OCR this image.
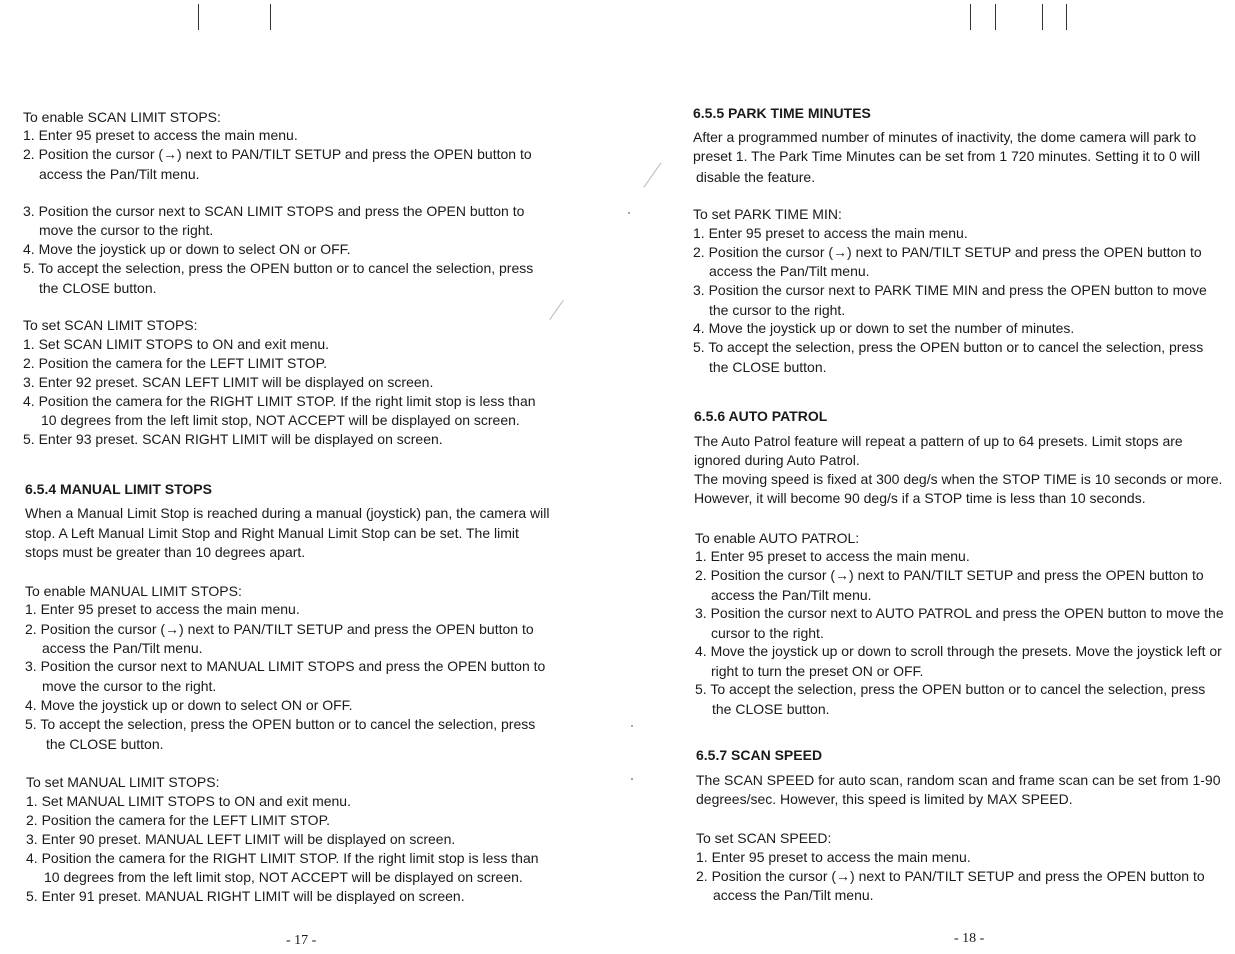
To enable SCAN LIMIT STOPS:
1. Enter 95 preset to access the main menu.
2. Position the cursor (→) next to PAN/TILT SETUP and press the OPEN button to
access the Pan/Tilt menu.
3. Position the cursor next to SCAN LIMIT STOPS and press the OPEN button to
move the cursor to the right.
4. Move the joystick up or down to select ON or OFF.
5. To accept the selection, press the OPEN button or to cancel the selection, press
the CLOSE button.
To set SCAN LIMIT STOPS:
1. Set SCAN LIMIT STOPS to ON and exit menu.
2. Position the camera for the LEFT LIMIT STOP.
3. Enter 92 preset. SCAN LEFT LIMIT will be displayed on screen.
4. Position the camera for the RIGHT LIMIT STOP. If the right limit stop is less than
10 degrees from the left limit stop, NOT ACCEPT will be displayed on screen.
5. Enter 93 preset. SCAN RIGHT LIMIT will be displayed on screen.
6.5.4 MANUAL LIMIT STOPS
When a Manual Limit Stop is reached during a manual (joystick) pan, the camera will
stop. A Left Manual Limit Stop and Right Manual Limit Stop can be set. The limit
stops must be greater than 10 degrees apart.
To enable MANUAL LIMIT STOPS:
1. Enter 95 preset to access the main menu.
2. Position the cursor (→) next to PAN/TILT SETUP and press the OPEN button to
access the Pan/Tilt menu.
3. Position the cursor next to MANUAL LIMIT STOPS and press the OPEN button to
move the cursor to the right.
4. Move the joystick up or down to select ON or OFF.
5. To accept the selection, press the OPEN button or to cancel the selection, press
the CLOSE button.
To set MANUAL LIMIT STOPS:
1. Set MANUAL LIMIT STOPS to ON and exit menu.
2. Position the camera for the LEFT LIMIT STOP.
3. Enter 90 preset. MANUAL LEFT LIMIT will be displayed on screen.
4. Position the camera for the RIGHT LIMIT STOP. If the right limit stop is less than
10 degrees from the left limit stop, NOT ACCEPT will be displayed on screen.
5. Enter 91 preset. MANUAL RIGHT LIMIT will be displayed on screen.
- 17 -
6.5.5 PARK TIME MINUTES
After a programmed number of minutes of inactivity, the dome camera will park to
preset 1. The Park Time Minutes can be set from 1 720 minutes. Setting it to 0 will
disable the feature.
To set PARK TIME MIN:
1. Enter 95 preset to access the main menu.
2. Position the cursor (→) next to PAN/TILT SETUP and press the OPEN button to
access the Pan/Tilt menu.
3. Position the cursor next to PARK TIME MIN and press the OPEN button to move
the cursor to the right.
4. Move the joystick up or down to set the number of minutes.
5. To accept the selection, press the OPEN button or to cancel the selection, press
the CLOSE button.
6.5.6 AUTO PATROL
The Auto Patrol feature will repeat a pattern of up to 64 presets. Limit stops are
ignored during Auto Patrol.
The moving speed is fixed at 300 deg/s when the STOP TIME is 10 seconds or more.
However, it will become 90 deg/s if a STOP time is less than 10 seconds.
To enable AUTO PATROL:
1. Enter 95 preset to access the main menu.
2. Position the cursor (→) next to PAN/TILT SETUP and press the OPEN button to
access the Pan/Tilt menu.
3. Position the cursor next to AUTO PATROL and press the OPEN button to move the
cursor to the right.
4. Move the joystick up or down to scroll through the presets. Move the joystick left or
right to turn the preset ON or OFF.
5. To accept the selection, press the OPEN button or to cancel the selection, press
the CLOSE button.
6.5.7 SCAN SPEED
The SCAN SPEED for auto scan, random scan and frame scan can be set from 1-90
degrees/sec. However, this speed is limited by MAX SPEED.
To set SCAN SPEED:
1. Enter 95 preset to access the main menu.
2. Position the cursor (→) next to PAN/TILT SETUP and press the OPEN button to
access the Pan/Tilt menu.
- 18 -
